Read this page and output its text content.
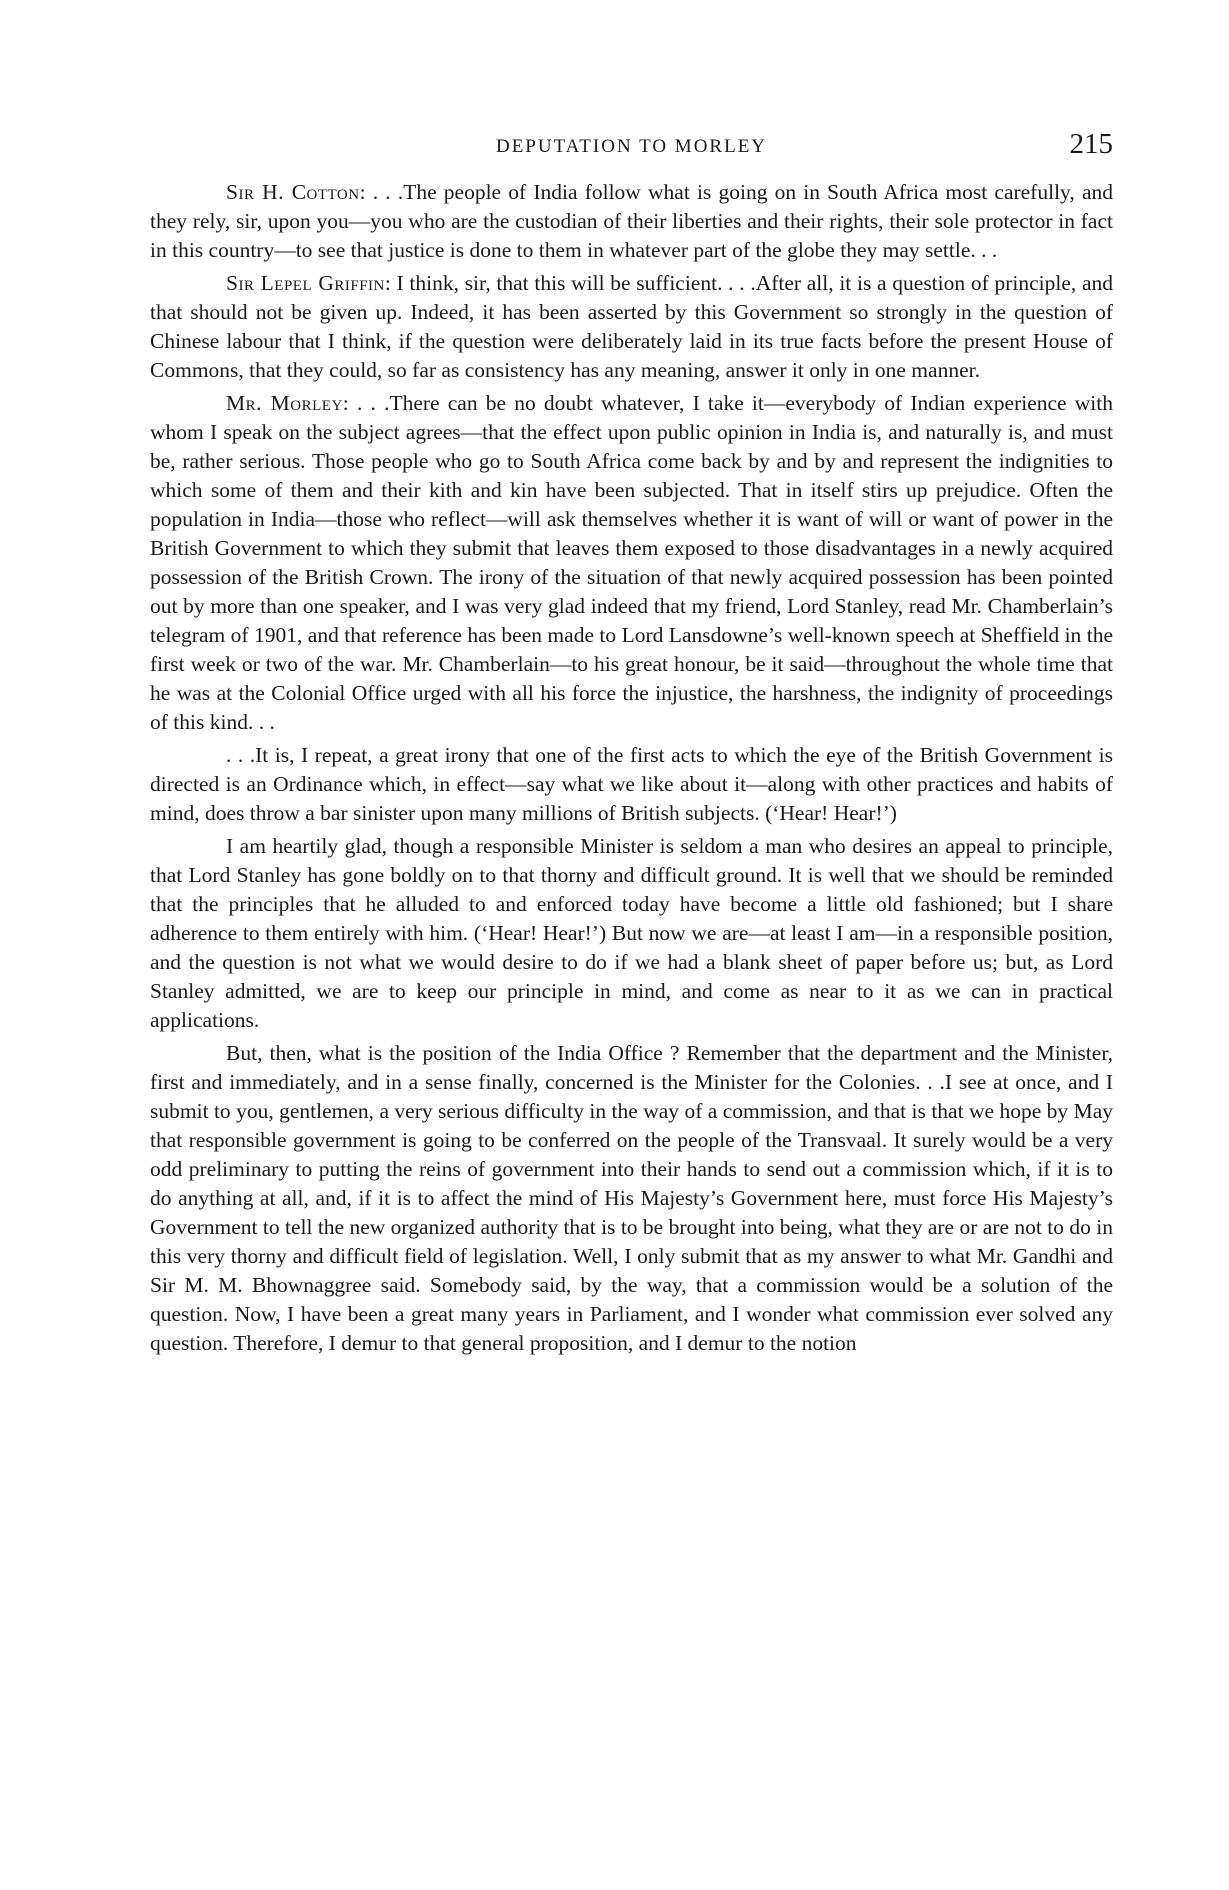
CWMG VI
DEPUTATION TO MORLEY	215

Sir H. Cotton: . . .The people of India follow what is going on in South Africa most carefully, and they rely, sir, upon you—you who are the custodian of their liberties and their rights, their sole protector in fact in this country—to see that justice is done to them in whatever part of the globe they may settle. . .

Sir Lepel Griffin: I think, sir, that this will be sufficient. . . .After all, it is a question of principle, and that should not be given up. Indeed, it has been asserted by this Government so strongly in the question of Chinese labour that I think, if the question were deliberately laid in its true facts before the present House of Commons, that they could, so far as consistency has any meaning, answer it only in one manner.

Mr. Morley: . . .There can be no doubt whatever, I take it—everybody of Indian experience with whom I speak on the subject agrees—that the effect upon public opinion in India is, and naturally is, and must be, rather serious. Those people who go to South Africa come back by and by and represent the indignities to which some of them and their kith and kin have been subjected. That in itself stirs up prejudice. Often the population in India—those who reflect—will ask themselves whether it is want of will or want of power in the British Government to which they submit that leaves them exposed to those disadvantages in a newly acquired possession of the British Crown. The irony of the situation of that newly acquired possession has been pointed out by more than one speaker, and I was very glad indeed that my friend, Lord Stanley, read Mr. Chamberlain’s telegram of 1901, and that reference has been made to Lord Lansdowne’s well-known speech at Sheffield in the first week or two of the war. Mr. Chamberlain—to his great honour, be it said—throughout the whole time that he was at the Colonial Office urged with all his force the injustice, the harshness, the indignity of proceedings of this kind. . .

. . .It is, I repeat, a great irony that one of the first acts to which the eye of the British Government is directed is an Ordinance which, in effect—say what we like about it—along with other practices and habits of mind, does throw a bar sinister upon many millions of British subjects. (‘Hear! Hear!’)

I am heartily glad, though a responsible Minister is seldom a man who desires an appeal to principle, that Lord Stanley has gone boldly on to that thorny and difficult ground. It is well that we should be reminded that the principles that he alluded to and enforced today have become a little old fashioned; but I share adherence to them entirely with him. (‘Hear! Hear!’) But now we are—at least I am—in a responsible position, and the question is not what we would desire to do if we had a blank sheet of paper before us; but, as Lord Stanley admitted, we are to keep our principle in mind, and come as near to it as we can in practical applications.

But, then, what is the position of the India Office ? Remember that the department and the Minister, first and immediately, and in a sense finally, concerned is the Minister for the Colonies. . .I see at once, and I submit to you, gentlemen, a very serious difficulty in the way of a commission, and that is that we hope by May that responsible government is going to be conferred on the people of the Transvaal. It surely would be a very odd preliminary to putting the reins of government into their hands to send out a commission which, if it is to do anything at all, and, if it is to affect the mind of His Majesty’s Government here, must force His Majesty’s Government to tell the new organized authority that is to be brought into being, what they are or are not to do in this very thorny and difficult field of legislation. Well, I only submit that as my answer to what Mr. Gandhi and Sir M. M. Bhownaggree said. Somebody said, by the way, that a commission would be a solution of the question. Now, I have been a great many years in Parliament, and I wonder what commission ever solved any question. Therefore, I demur to that general proposition, and I demur to the notion
